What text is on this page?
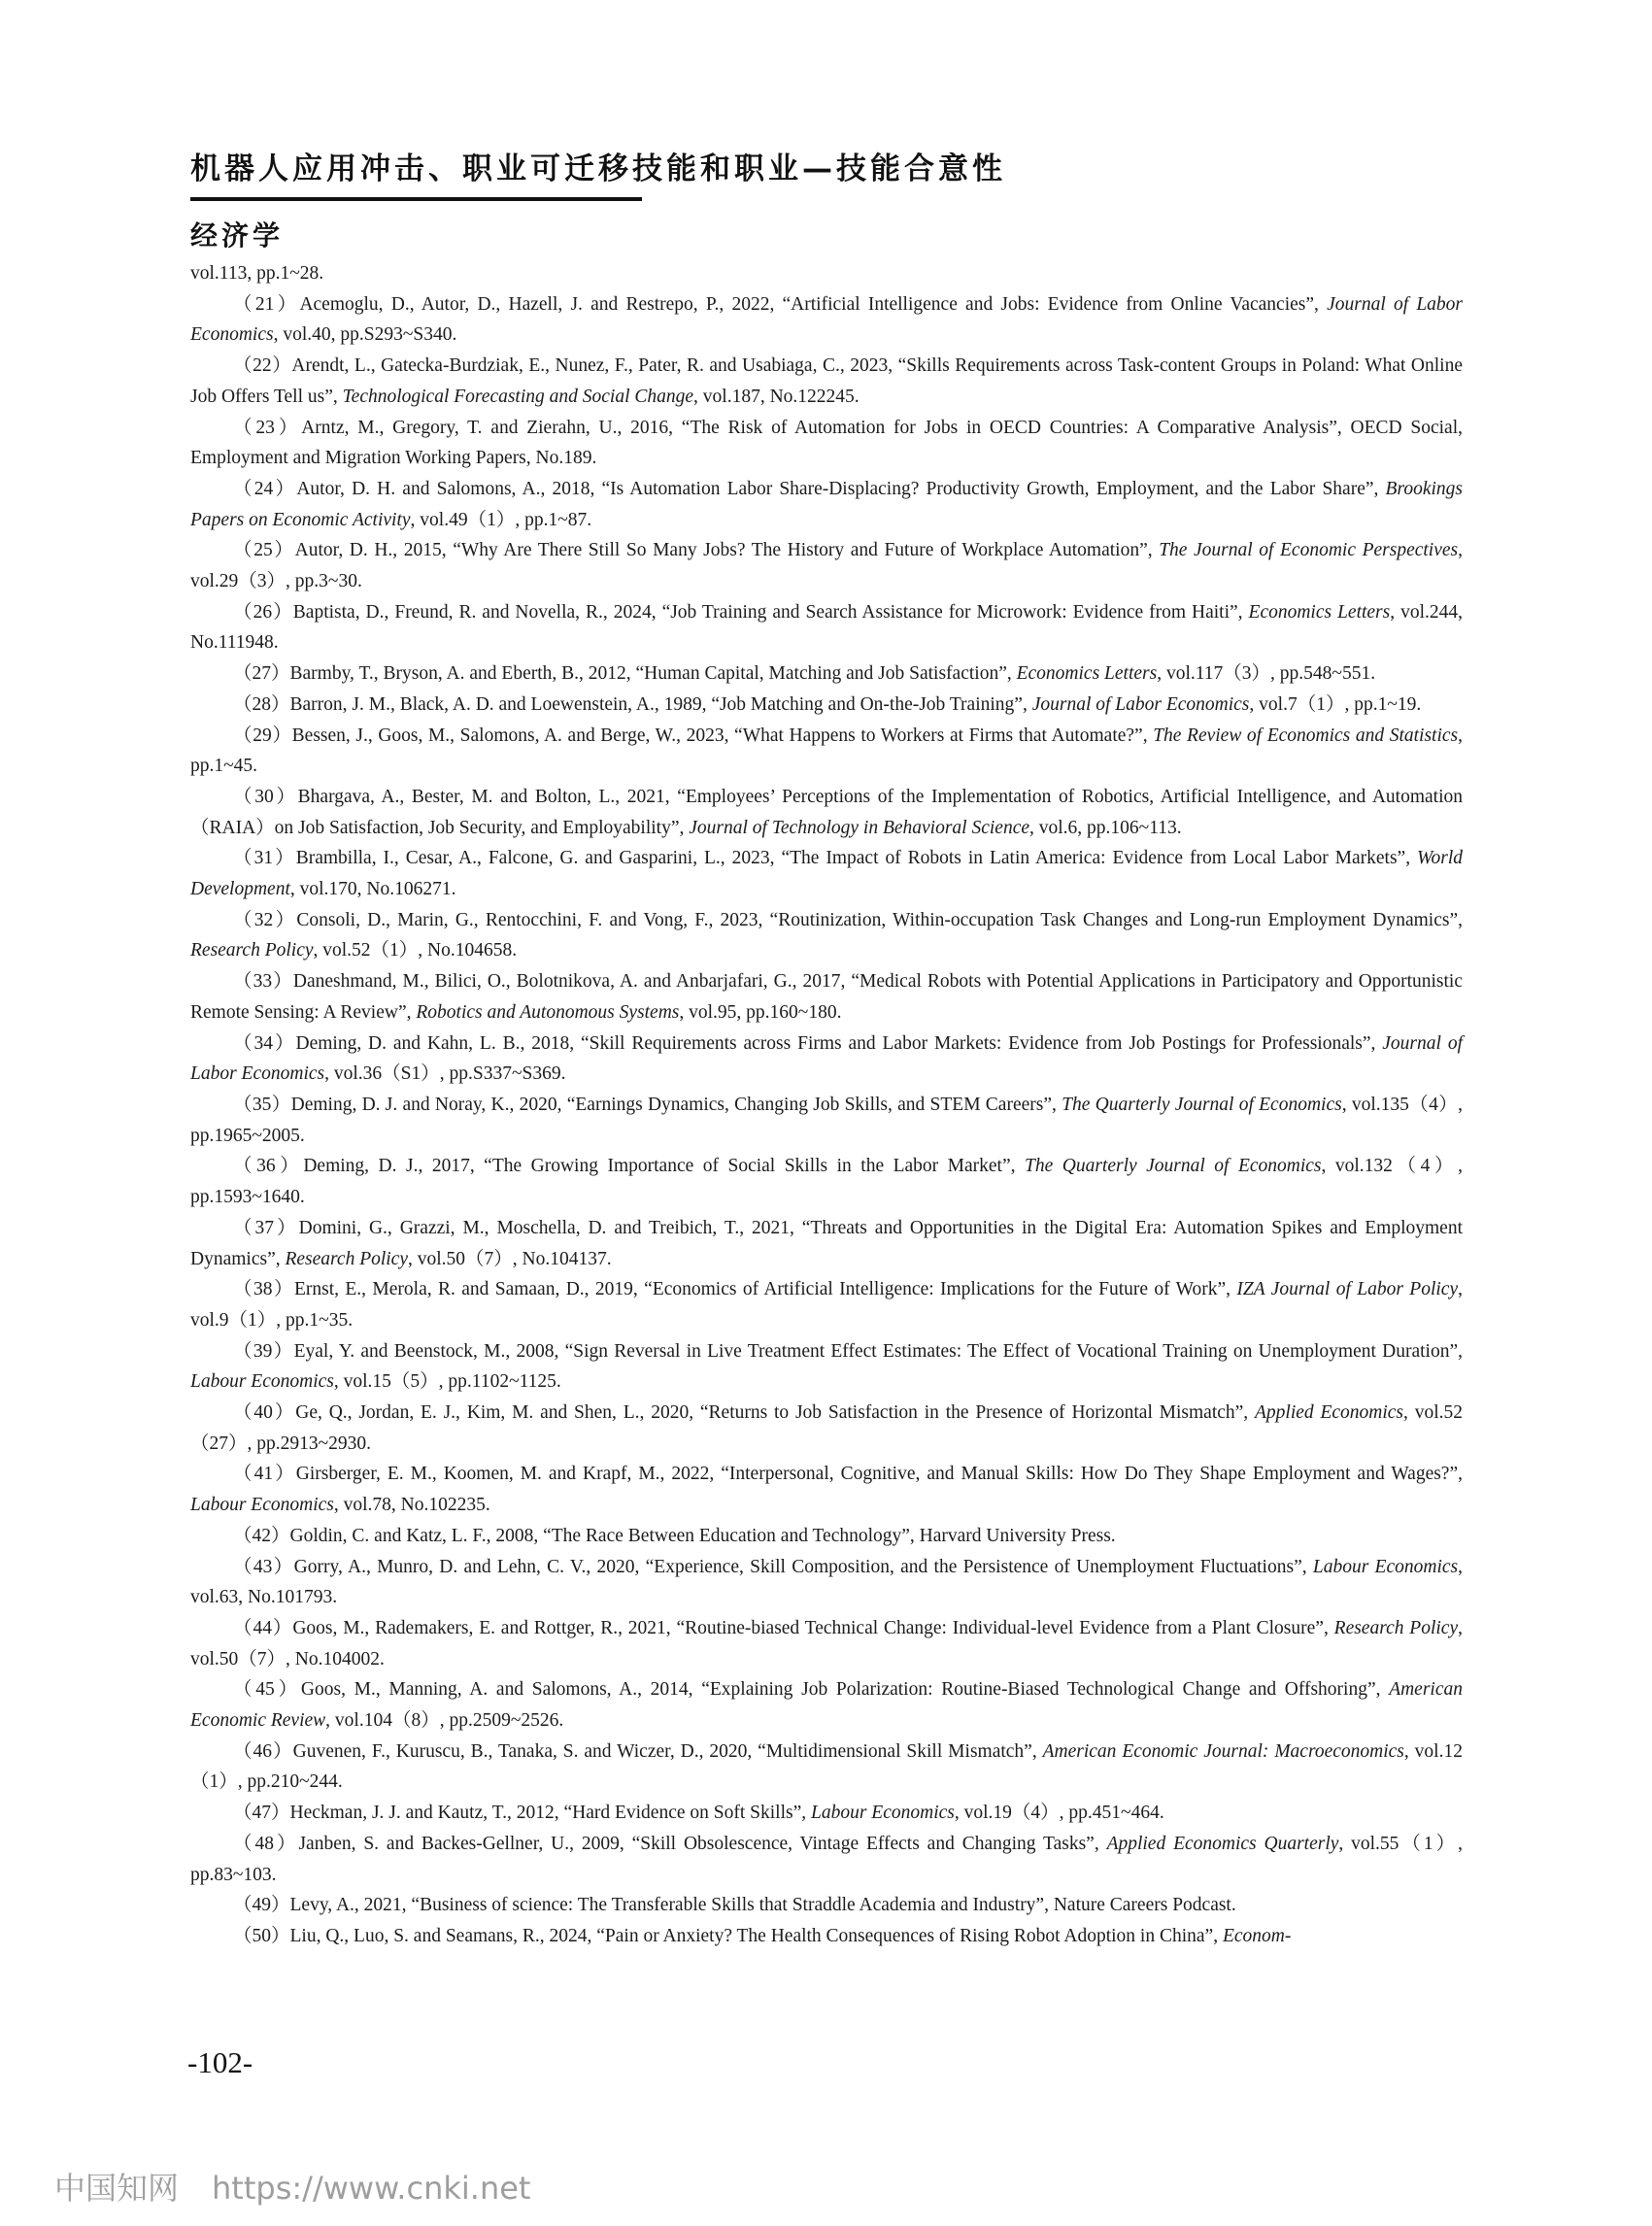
机器人应用冲击、职业可迁移技能和职业—技能合意性
经济学

vol.113, pp.1~28.

（21）Acemoglu, D., Autor, D., Hazell, J. and Restrepo, P., 2022, “Artificial Intelligence and Jobs: Evidence from Online Vacancies”, Journal of Labor Economics, vol.40, pp.S293~S340.

（22）Arendt, L., Gatecka-Burdziak, E., Nunez, F., Pater, R. and Usabiaga, C., 2023, “Skills Requirements across Task-content Groups in Poland: What Online Job Offers Tell us”, Technological Forecasting and Social Change, vol.187, No.122245.

（23）Arntz, M., Gregory, T. and Zierahn, U., 2016, “The Risk of Automation for Jobs in OECD Countries: A Comparative Analysis”, OECD Social, Employment and Migration Working Papers, No.189.

（24）Autor, D. H. and Salomons, A., 2018, “Is Automation Labor Share-Displacing? Productivity Growth, Employment, and the Labor Share”, Brookings Papers on Economic Activity, vol.49（1）, pp.1~87.

（25）Autor, D. H., 2015, “Why Are There Still So Many Jobs? The History and Future of Workplace Automation”, The Journal of Economic Perspectives, vol.29（3）, pp.3~30.

（26）Baptista, D., Freund, R. and Novella, R., 2024, “Job Training and Search Assistance for Microwork: Evidence from Haiti”, Economics Letters, vol.244, No.111948.

（27）Barmby, T., Bryson, A. and Eberth, B., 2012, “Human Capital, Matching and Job Satisfaction”, Economics Letters, vol.117（3）, pp.548~551.

（28）Barron, J. M., Black, A. D. and Loewenstein, A., 1989, “Job Matching and On-the-Job Training”, Journal of Labor Economics, vol.7（1）, pp.1~19.

（29）Bessen, J., Goos, M., Salomons, A. and Berge, W., 2023, “What Happens to Workers at Firms that Automate?”, The Review of Economics and Statistics, pp.1~45.

（30）Bhargava, A., Bester, M. and Bolton, L., 2021, “Employees’ Perceptions of the Implementation of Robotics, Artificial Intelligence, and Automation（RAIA）on Job Satisfaction, Job Security, and Employability”, Journal of Technology in Behavioral Science, vol.6, pp.106~113.

（31）Brambilla, I., Cesar, A., Falcone, G. and Gasparini, L., 2023, “The Impact of Robots in Latin America: Evidence from Local Labor Markets”, World Development, vol.170, No.106271.

（32）Consoli, D., Marin, G., Rentocchini, F. and Vong, F., 2023, “Routinization, Within-occupation Task Changes and Long-run Employment Dynamics”, Research Policy, vol.52（1）, No.104658.

（33）Daneshmand, M., Bilici, O., Bolotnikova, A. and Anbarjafari, G., 2017, “Medical Robots with Potential Applications in Participatory and Opportunistic Remote Sensing: A Review”, Robotics and Autonomous Systems, vol.95, pp.160~180.

（34）Deming, D. and Kahn, L. B., 2018, “Skill Requirements across Firms and Labor Markets: Evidence from Job Postings for Professionals”, Journal of Labor Economics, vol.36（S1）, pp.S337~S369.

（35）Deming, D. J. and Noray, K., 2020, “Earnings Dynamics, Changing Job Skills, and STEM Careers”, The Quarterly Journal of Economics, vol.135（4）, pp.1965~2005.

（36）Deming, D. J., 2017, “The Growing Importance of Social Skills in the Labor Market”, The Quarterly Journal of Economics, vol.132（4）, pp.1593~1640.

（37）Domini, G., Grazzi, M., Moschella, D. and Treibich, T., 2021, “Threats and Opportunities in the Digital Era: Automation Spikes and Employment Dynamics”, Research Policy, vol.50（7）, No.104137.

（38）Ernst, E., Merola, R. and Samaan, D., 2019, “Economics of Artificial Intelligence: Implications for the Future of Work”, IZA Journal of Labor Policy, vol.9（1）, pp.1~35.

（39）Eyal, Y. and Beenstock, M., 2008, “Sign Reversal in Live Treatment Effect Estimates: The Effect of Vocational Training on Unemployment Duration”, Labour Economics, vol.15（5）, pp.1102~1125.

（40）Ge, Q., Jordan, E. J., Kim, M. and Shen, L., 2020, “Returns to Job Satisfaction in the Presence of Horizontal Mismatch”, Applied Economics, vol.52（27）, pp.2913~2930.

（41）Girsberger, E. M., Koomen, M. and Krapf, M., 2022, “Interpersonal, Cognitive, and Manual Skills: How Do They Shape Employment and Wages?”, Labour Economics, vol.78, No.102235.

（42）Goldin, C. and Katz, L. F., 2008, “The Race Between Education and Technology”, Harvard University Press.

（43）Gorry, A., Munro, D. and Lehn, C. V., 2020, “Experience, Skill Composition, and the Persistence of Unemployment Fluctuations”, Labour Economics, vol.63, No.101793.

（44）Goos, M., Rademakers, E. and Rottger, R., 2021, “Routine-biased Technical Change: Individual-level Evidence from a Plant Closure”, Research Policy, vol.50（7）, No.104002.

（45）Goos, M., Manning, A. and Salomons, A., 2014, “Explaining Job Polarization: Routine-Biased Technological Change and Offshoring”, American Economic Review, vol.104（8）, pp.2509~2526.

（46）Guvenen, F., Kuruscu, B., Tanaka, S. and Wiczer, D., 2020, “Multidimensional Skill Mismatch”, American Economic Journal: Macroeconomics, vol.12（1）, pp.210~244.

（47）Heckman, J. J. and Kautz, T., 2012, “Hard Evidence on Soft Skills”, Labour Economics, vol.19（4）, pp.451~464.

（48）Janben, S. and Backes-Gellner, U., 2009, “Skill Obsolescence, Vintage Effects and Changing Tasks”, Applied Economics Quarterly, vol.55（1）, pp.83~103.

（49）Levy, A., 2021, “Business of science: The Transferable Skills that Straddle Academia and Industry”, Nature Careers Podcast.

（50）Liu, Q., Luo, S. and Seamans, R., 2024, “Pain or Anxiety? The Health Consequences of Rising Robot Adoption in China”, Econom-

-102-
中国知网 https://www.cnki.net
